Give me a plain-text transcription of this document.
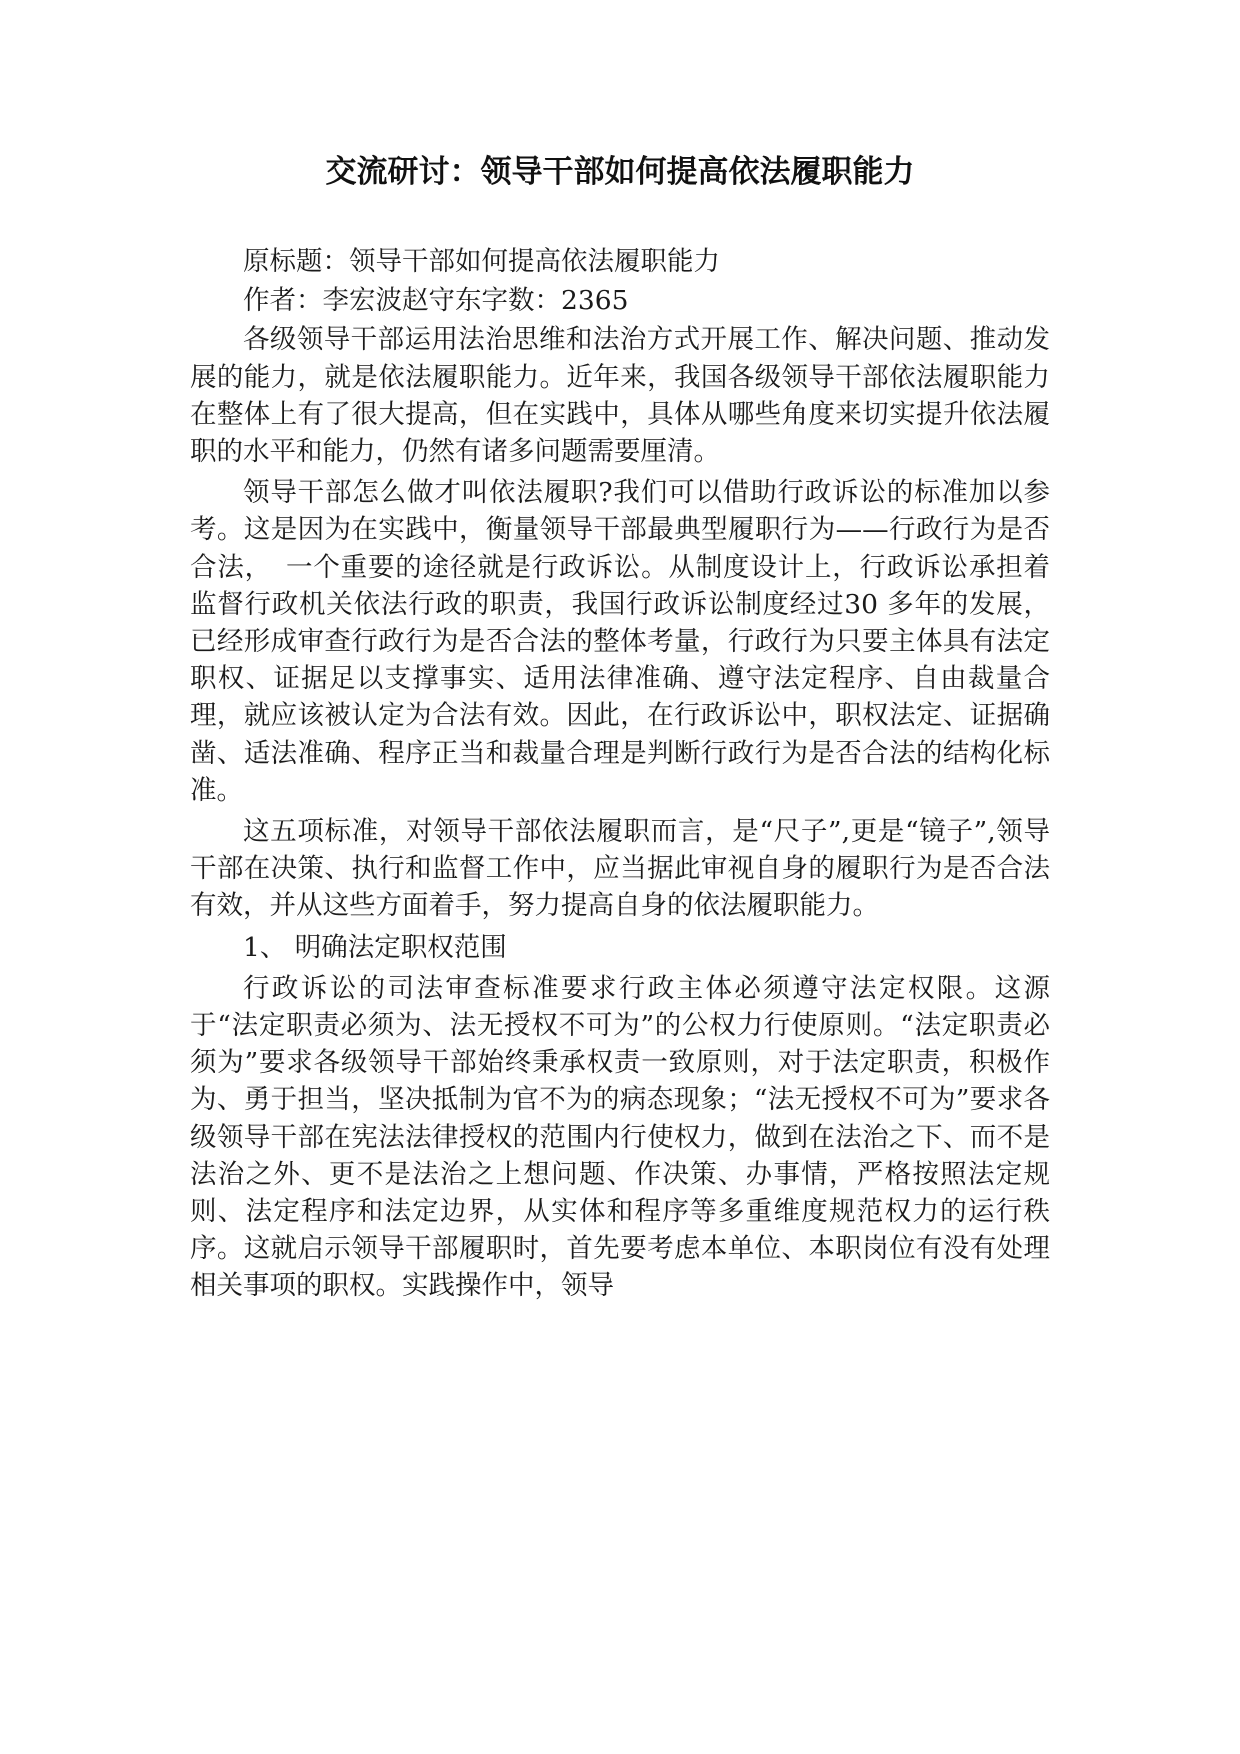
交流研讨：领导干部如何提高依法履职能力

原标题：领导干部如何提高依法履职能力

作者：李宏波赵守东字数：2365

各级领导干部运用法治思维和法治方式开展工作、解决问题、推动发展的能力，就是依法履职能力。近年来，我国各级领导干部依法履职能力在整体上有了很大提高，但在实践中，具体从哪些角度来切实提升依法履职的水平和能力，仍然有诸多问题需要厘清。

领导干部怎么做才叫依法履职?我们可以借助行政诉讼的标准加以参考。这是因为在实践中，衡量领导干部最典型履职行为——行政行为是否合法，　一个重要的途径就是行政诉讼。从制度设计上，行政诉讼承担着监督行政机关依法行政的职责，我国行政诉讼制度经过30 多年的发展，已经形成审查行政行为是否合法的整体考量，行政行为只要主体具有法定职权、证据足以支撑事实、适用法律准确、遵守法定程序、自由裁量合理，就应该被认定为合法有效。因此，在行政诉讼中，职权法定、证据确凿、适法准确、程序正当和裁量合理是判断行政行为是否合法的结构化标准。

这五项标准，对领导干部依法履职而言，是“尺子”,更是“镜子”,领导干部在决策、执行和监督工作中，应当据此审视自身的履职行为是否合法有效，并从这些方面着手，努力提高自身的依法履职能力。

1、 明确法定职权范围

行政诉讼的司法审查标准要求行政主体必须遵守法定权限。这源于“法定职责必须为、法无授权不可为”的公权力行使原则。“法定职责必须为”要求各级领导干部始终秉承权责一致原则，对于法定职责，积极作为、勇于担当，坚决抵制为官不为的病态现象；“法无授权不可为”要求各级领导干部在宪法法律授权的范围内行使权力，做到在法治之下、而不是法治之外、更不是法治之上想问题、作决策、办事情，严格按照法定规则、法定程序和法定边界，从实体和程序等多重维度规范权力的运行秩序。这就启示领导干部履职时，首先要考虑本单位、本职岗位有没有处理相关事项的职权。实践操作中，领导
